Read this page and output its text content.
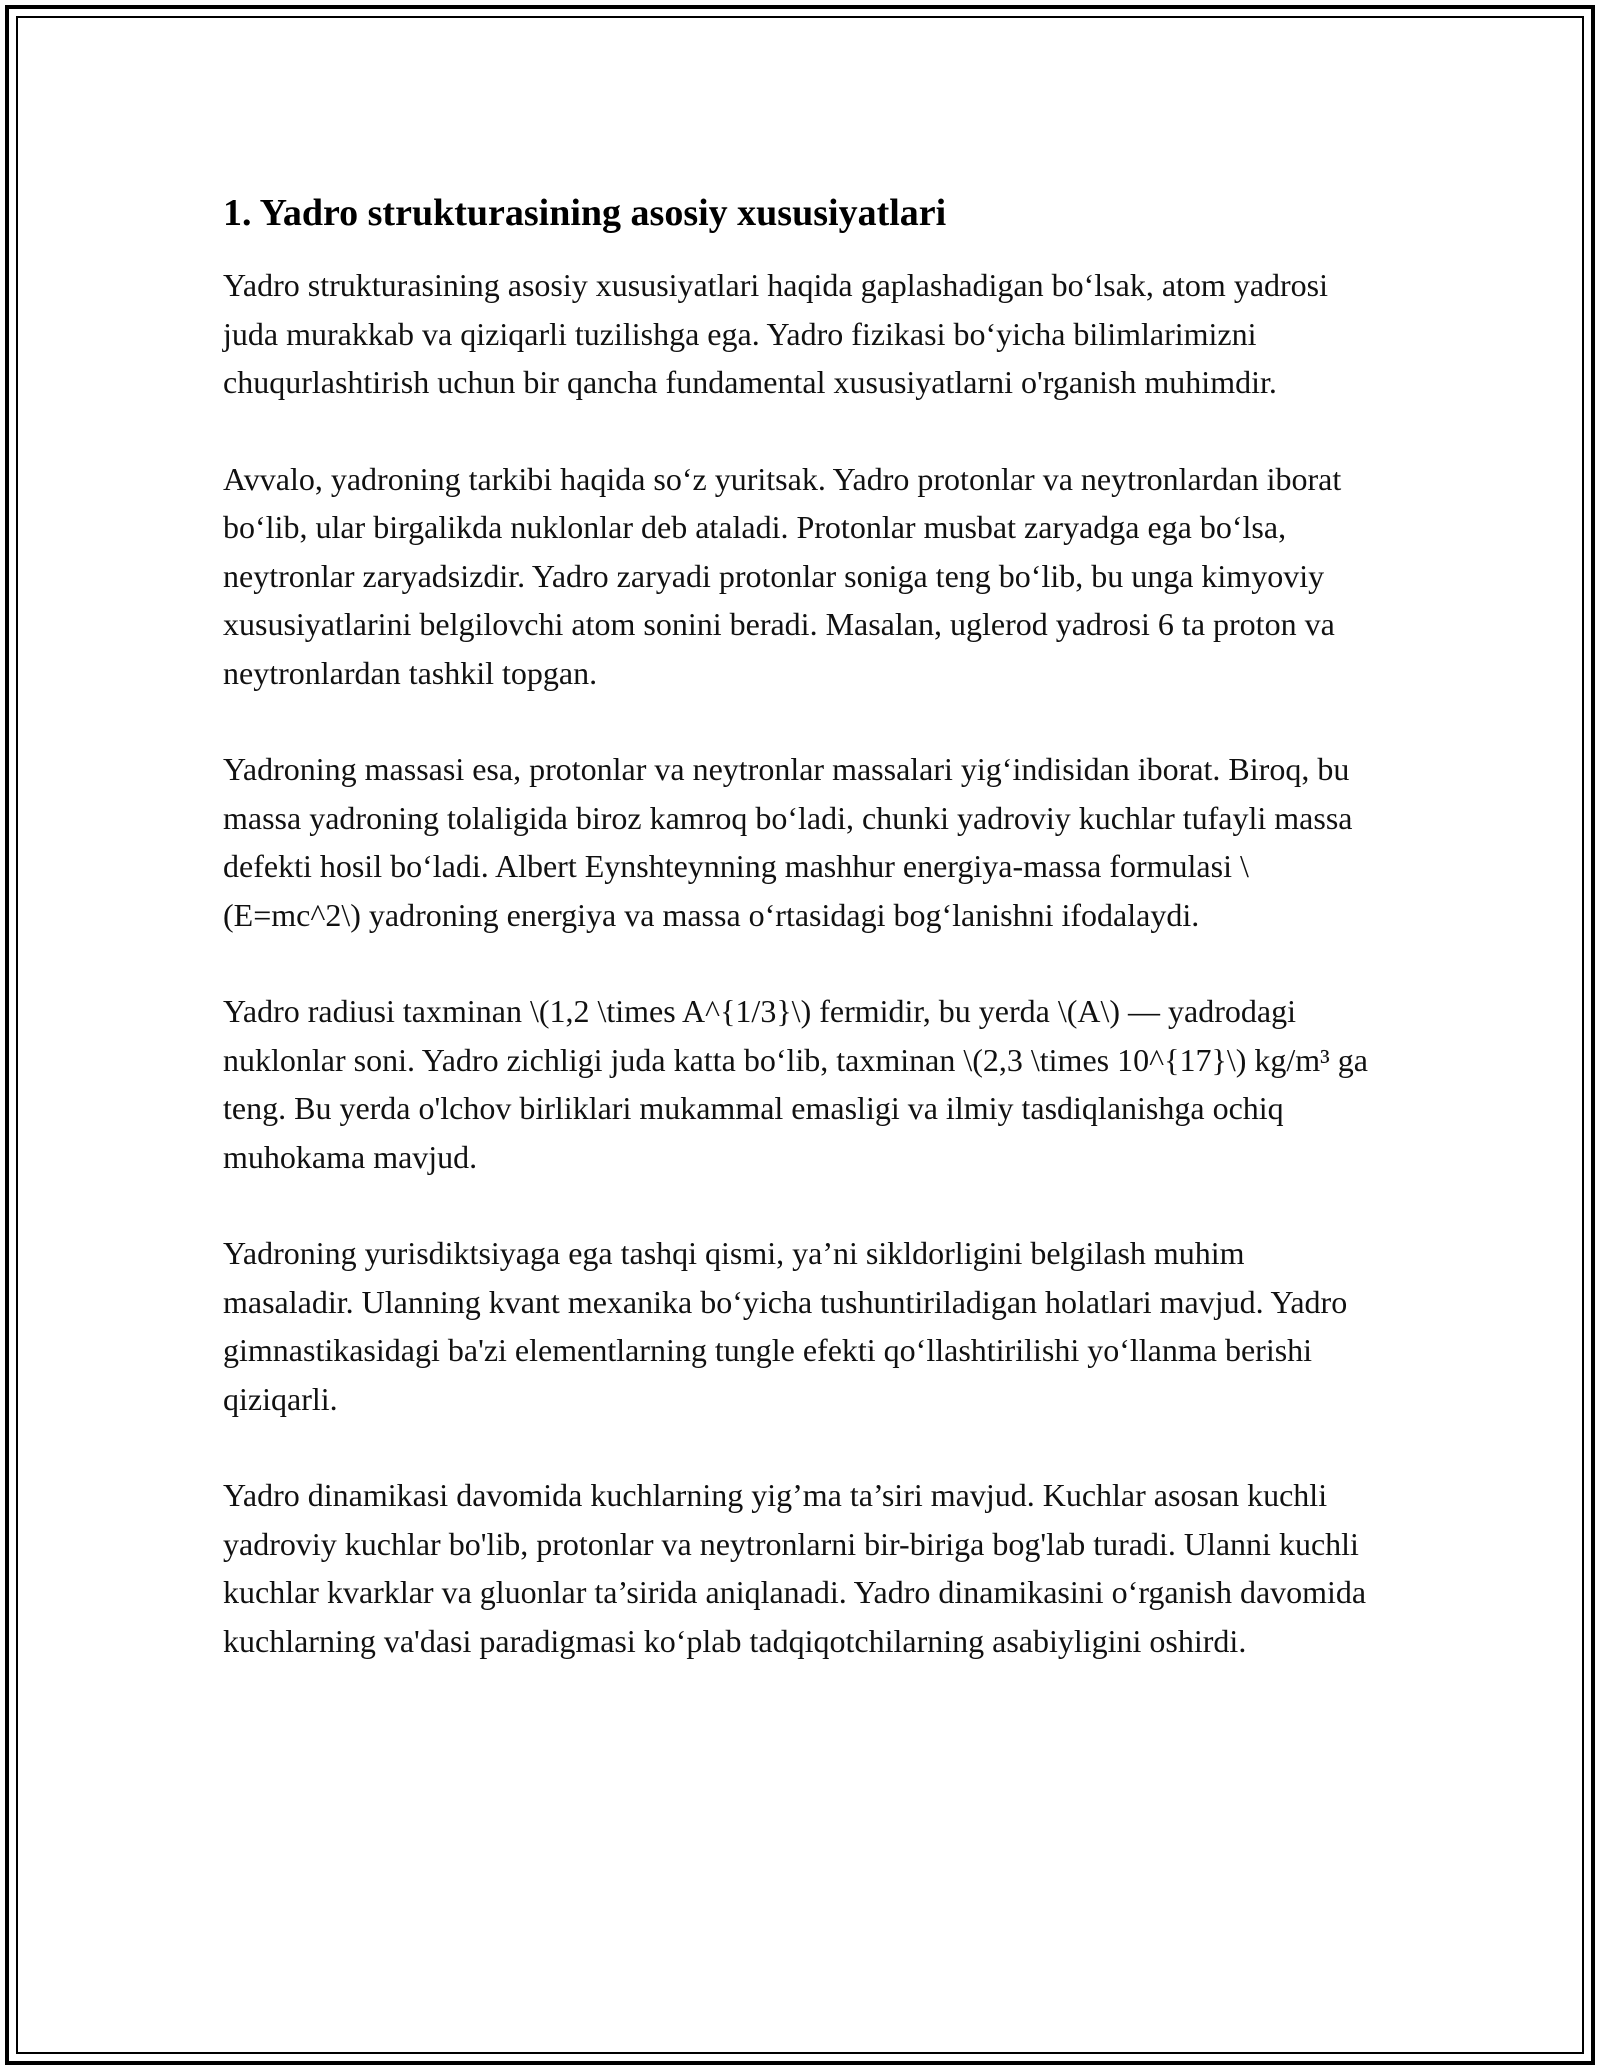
1. Yadro strukturasining asosiy xususiyatlari

Yadro strukturasining asosiy xususiyatlari haqida gaplashadigan bo‘lsak, atom yadrosi juda murakkab va qiziqarli tuzilishga ega. Yadro fizikasi bo‘yicha bilimlarimizni chuqurlashtirish uchun bir qancha fundamental xususiyatlarni o'rganish muhimdir.

Avvalo, yadroning tarkibi haqida so‘z yuritsak. Yadro protonlar va neytronlardan iborat bo‘lib, ular birgalikda nuklonlar deb ataladi. Protonlar musbat zaryadga ega bo‘lsa, neytronlar zaryadsizdir. Yadro zaryadi protonlar soniga teng bo‘lib, bu unga kimyoviy xususiyatlarini belgilovchi atom sonini beradi. Masalan, uglerod yadrosi 6 ta proton va neytronlardan tashkil topgan.

Yadroning massasi esa, protonlar va neytronlar massalari yig‘indisidan iborat. Biroq, bu massa yadroning tolaligida biroz kamroq bo‘ladi, chunki yadroviy kuchlar tufayli massa defekti hosil bo‘ladi. Albert Eynshteynning mashhur energiya-massa formulasi \(E=mc^2\) yadroning energiya va massa o‘rtasidagi bog‘lanishni ifodalaydi.

Yadro radiusi taxminan \(1,2 \times A^{1/3}\) fermidir, bu yerda \(A\) — yadrodagi nuklonlar soni. Yadro zichligi juda katta bo‘lib, taxminan \(2,3 \times 10^{17}\) kg/m³ ga teng. Bu yerda o'lchov birliklari mukammal emasligi va ilmiy tasdiqlanishga ochiq muhokama mavjud.

Yadroning yurisdiktsiyaga ega tashqi qismi, ya’ni sikldorligini belgilash muhim masaladir. Ulanning kvant mexanika bo‘yicha tushuntiriladigan holatlari mavjud. Yadro gimnastikasidagi ba'zi elementlarning tungle efekti qo‘llashtirilishi yo‘llanma berishi qiziqarli.

Yadro dinamikasi davomida kuchlarning yig’ma ta’siri mavjud. Kuchlar asosan kuchli yadroviy kuchlar bo'lib, protonlar va neytronlarni bir-biriga bog'lab turadi. Ulanni kuchli kuchlar kvarklar va gluonlar ta’sirida aniqlanadi. Yadro dinamikasini o‘rganish davomida kuchlarning va'dasi paradigmasi ko‘plab tadqiqotchilarning asabiyligini oshirdi.
